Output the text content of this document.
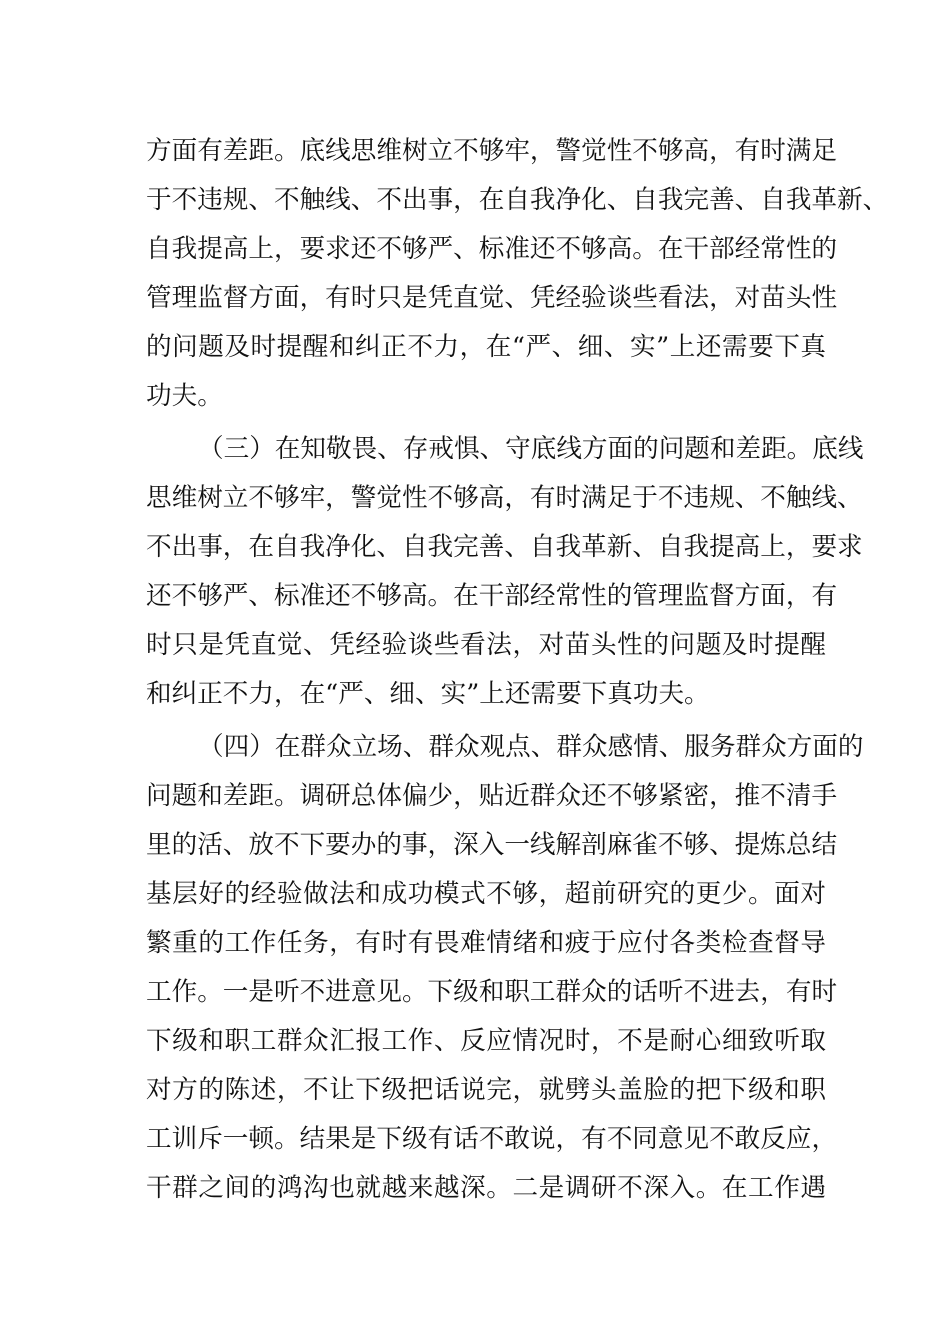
方面有差距。底线思维树立不够牢，警觉性不够高，有时满足
于不违规、不触线、不出事，在自我净化、自我完善、自我革新、
自我提高上，要求还不够严、标准还不够高。在干部经常性的
管理监督方面，有时只是凭直觉、凭经验谈些看法，对苗头性
的问题及时提醒和纠正不力，在“严、细、实”上还需要下真
功夫。
（三）在知敬畏、存戒惧、守底线方面的问题和差距。底线
思维树立不够牢，警觉性不够高，有时满足于不违规、不触线、
不出事，在自我净化、自我完善、自我革新、自我提高上，要求
还不够严、标准还不够高。在干部经常性的管理监督方面，有
时只是凭直觉、凭经验谈些看法，对苗头性的问题及时提醒
和纠正不力，在“严、细、实”上还需要下真功夫。
（四）在群众立场、群众观点、群众感情、服务群众方面的
问题和差距。调研总体偏少，贴近群众还不够紧密，推不清手
里的活、放不下要办的事，深入一线解剖麻雀不够、提炼总结
基层好的经验做法和成功模式不够，超前研究的更少。面对
繁重的工作任务，有时有畏难情绪和疲于应付各类检查督导
工作。一是听不进意见。下级和职工群众的话听不进去，有时
下级和职工群众汇报工作、反应情况时，不是耐心细致听取
对方的陈述，不让下级把话说完，就劈头盖脸的把下级和职
工训斥一顿。结果是下级有话不敢说，有不同意见不敢反应，
干群之间的鸿沟也就越来越深。二是调研不深入。在工作遇
